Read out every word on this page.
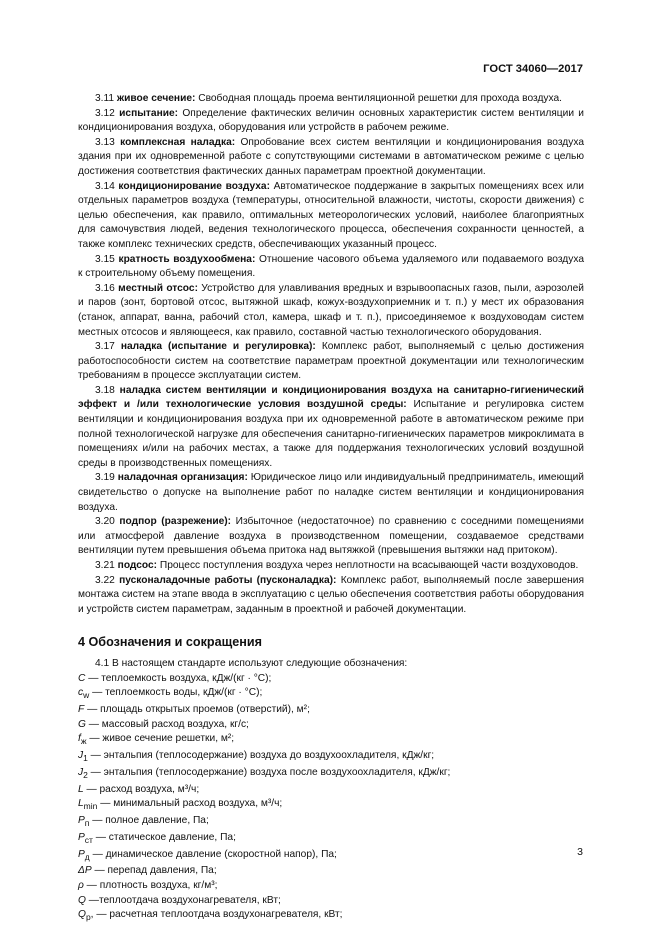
ГОСТ 34060—2017

3.11 живое сечение: Свободная площадь проема вентиляционной решетки для прохода воздуха.

3.12 испытание: Определение фактических величин основных характеристик систем вентиляции и кондиционирования воздуха, оборудования или устройств в рабочем режиме.

3.13 комплексная наладка: Опробование всех систем вентиляции и кондиционирования воздуха здания при их одновременной работе с сопутствующими системами в автоматическом режиме с целью достижения соответствия фактических данных параметрам проектной документации.

3.14 кондиционирование воздуха: Автоматическое поддержание в закрытых помещениях всех или отдельных параметров воздуха (температуры, относительной влажности, чистоты, скорости движения) с целью обеспечения, как правило, оптимальных метеорологических условий, наиболее благоприятных для самочувствия людей, ведения технологического процесса, обеспечения сохранности ценностей, а также комплекс технических средств, обеспечивающих указанный процесс.

3.15 кратность воздухообмена: Отношение часового объема удаляемого или подаваемого воздуха к строительному объему помещения.

3.16 местный отсос: Устройство для улавливания вредных и взрывоопасных газов, пыли, аэрозолей и паров (зонт, бортовой отсос, вытяжной шкаф, кожух-воздухоприемник и т. п.) у мест их образования (станок, аппарат, ванна, рабочий стол, камера, шкаф и т. п.), присоединяемое к воздуховодам систем местных отсосов и являющееся, как правило, составной частью технологического оборудования.

3.17 наладка (испытание и регулировка): Комплекс работ, выполняемый с целью достижения работоспособности систем на соответствие параметрам проектной документации или технологическим требованиям в процессе эксплуатации систем.

3.18 наладка систем вентиляции и кондиционирования воздуха на санитарно-гигиенический эффект и /или технологические условия воздушной среды: Испытание и регулировка систем вентиляции и кондиционирования воздуха при их одновременной работе в автоматическом режиме при полной технологической нагрузке для обеспечения санитарно-гигиенических параметров микроклимата в помещениях и/или на рабочих местах, а также для поддержания технологических условий воздушной среды в производственных помещениях.

3.19 наладочная организация: Юридическое лицо или индивидуальный предприниматель, имеющий свидетельство о допуске на выполнение работ по наладке систем вентиляции и кондиционирования воздуха.

3.20 подпор (разрежение): Избыточное (недостаточное) по сравнению с соседними помещениями или атмосферой давление воздуха в производственном помещении, создаваемое средствами вентиляции путем превышения объема притока над вытяжкой (превышения вытяжки над притоком).

3.21 подсос: Процесс поступления воздуха через неплотности на всасывающей части воздуховодов.

3.22 пусконаладочные работы (пусконаладка): Комплекс работ, выполняемый после завершения монтажа систем на этапе ввода в эксплуатацию с целью обеспечения соответствия работы оборудования и устройств систем параметрам, заданным в проектной и рабочей документации.

4 Обозначения и сокращения

4.1 В настоящем стандарте используют следующие обозначения:

C — теплоемкость воздуха, кДж/(кг · °C);
$c_w$ — теплоемкость воды, кДж/(кг · °C);
F — площадь открытых проемов (отверстий), м²;
G — массовый расход воздуха, кг/с;
$f_ж$ — живое сечение решетки, м²;
$J_1$ — энтальпия (теплосодержание) воздуха до воздухоохладителя, кДж/кг;
$J_2$ — энтальпия (теплосодержание) воздуха после воздухоохладителя, кДж/кг;
L — расход воздуха, м³/ч;
$L_{min}$ — минимальный расход воздуха, м³/ч;
$P_п$ — полное давление, Па;
$P_{ст}$ — статическое давление, Па;
$P_д$ — динамическое давление (скоростной напор), Па;
ΔP — перепад давления, Па;
ρ — плотность воздуха, кг/м³;
Q —теплоотдача воздухонагревателя, кВт;
$Q_р$, — расчетная теплоотдача воздухонагревателя, кВт;
3
